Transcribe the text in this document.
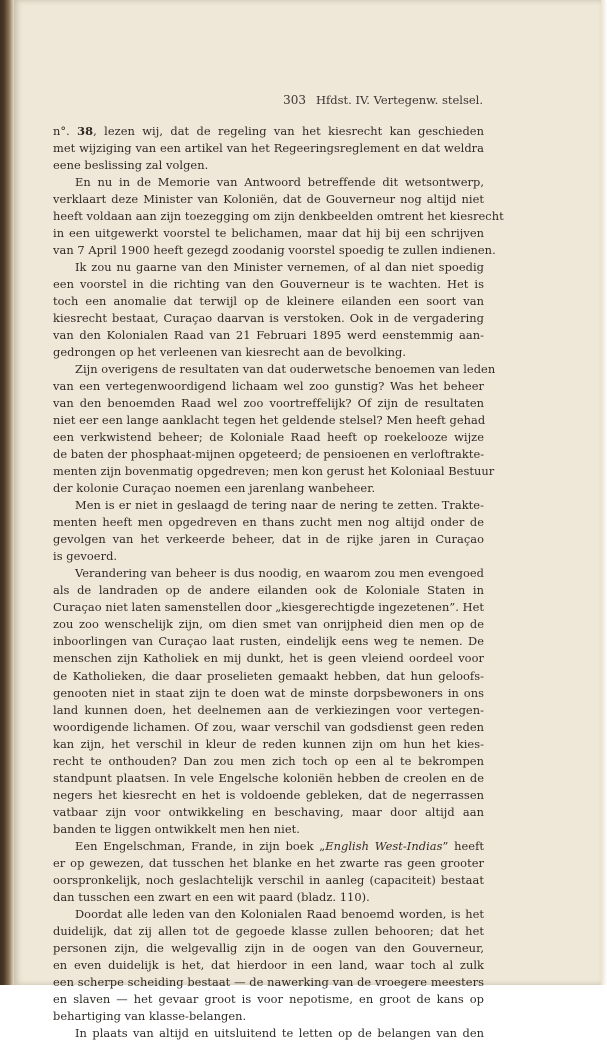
303 Hfdst. IV. Vertegenw. stelsel.
n°. 38, lezen wij, dat de regeling van het kiesrecht kan geschieden
met wijziging van een artikel van het Regeeringsreglement en dat weldra
eene beslissing zal volgen.
En nu in de Memorie van Antwoord betreffende dit wetsontwerp,
verklaart deze Minister van Koloniën, dat de Gouverneur nog altijd niet
heeft voldaan aan zijn toezegging om zijn denkbeelden omtrent het kiesrecht
in een uitgewerkt voorstel te belichamen, maar dat hij bij een schrijven
van 7 April 1900 heeft gezegd zoodanig voorstel spoedig te zullen indienen.
Ik zou nu gaarne van den Minister vernemen, of al dan niet spoedig
een voorstel in die richting van den Gouverneur is te wachten. Het is
toch een anomalie dat terwijl op de kleinere eilanden een soort van
kiesrecht bestaat, Curaçao daarvan is verstoken. Ook in de vergadering
van den Kolonialen Raad van 21 Februari 1895 werd eenstemmig aan-
gedrongen op het verleenen van kiesrecht aan de bevolking.
Zijn overigens de resultaten van dat ouderwetsche benoemen van leden
van een vertegenwoordigend lichaam wel zoo gunstig? Was het beheer
van den benoemden Raad wel zoo voortreffelijk? Of zijn de resultaten
niet eer een lange aanklacht tegen het geldende stelsel? Men heeft gehad
een verkwistend beheer; de Koloniale Raad heeft op roekelooze wijze
de baten der phosphaat-mijnen opgeteerd; de pensioenen en verloftrakte-
menten zijn bovenmatig opgedreven; men kon gerust het Koloniaal Bestuur
der kolonie Curaçao noemen een jarenlang wanbeheer.
Men is er niet in geslaagd de tering naar de nering te zetten. Trakte-
menten heeft men opgedreven en thans zucht men nog altijd onder de
gevolgen van het verkeerde beheer, dat in de rijke jaren in Curaçao
is gevoerd.
Verandering van beheer is dus noodig, en waarom zou men evengoed
als de landraden op de andere eilanden ook de Koloniale Staten in
Curaçao niet laten samenstellen door „kiesgerechtigde ingezetenen”. Het
zou zoo wenschelijk zijn, om dien smet van onrijpheid dien men op de
inboorlingen van Curaçao laat rusten, eindelijk eens weg te nemen. De
menschen zijn Katholiek en mij dunkt, het is geen vleiend oordeel voor
de Katholieken, die daar proselieten gemaakt hebben, dat hun geloofs-
genooten niet in staat zijn te doen wat de minste dorpsbewoners in ons
land kunnen doen, het deelnemen aan de verkiezingen voor vertegen-
woordigende lichamen. Of zou, waar verschil van godsdienst geen reden
kan zijn, het verschil in kleur de reden kunnen zijn om hun het kies-
recht te onthouden? Dan zou men zich toch op een al te bekrompen
standpunt plaatsen. In vele Engelsche koloniën hebben de creolen en de
negers het kiesrecht en het is voldoende gebleken, dat de negerrassen
vatbaar zijn voor ontwikkeling en beschaving, maar door altijd aan
banden te liggen ontwikkelt men hen niet.
Een Engelschman, Frande, in zijn boek „English West-Indias” heeft
er op gewezen, dat tusschen het blanke en het zwarte ras geen grooter
oorspronkelijk, noch geslachtelijk verschil in aanleg (capaciteit) bestaat
dan tusschen een zwart en een wit paard (bladz. 110).
Doordat alle leden van den Kolonialen Raad benoemd worden, is het
duidelijk, dat zij allen tot de gegoede klasse zullen behooren; dat het
personen zijn, die welgevallig zijn in de oogen van den Gouverneur,
en even duidelijk is het, dat hierdoor in een land, waar toch al zulk
een scherpe scheiding bestaat — de nawerking van de vroegere meesters
en slaven — het gevaar groot is voor nepotisme, en groot de kans op
behartiging van klasse-belangen.
In plaats van altijd en uitsluitend te letten op de belangen van den
